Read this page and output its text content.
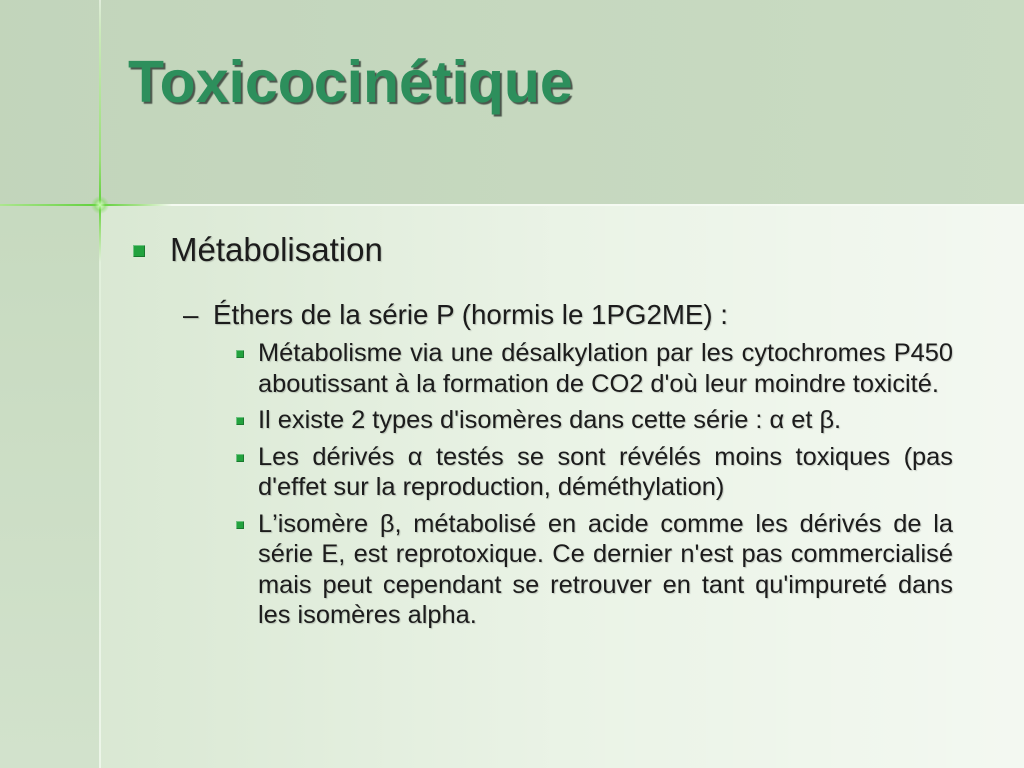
Toxicocinétique
Métabolisation
– Éthers de la série P (hormis le 1PG2ME) :
Métabolisme via une désalkylation par les cytochromes P450 aboutissant à la formation de CO2 d'où leur moindre toxicité.
Il existe 2 types d'isomères dans cette série : α et β.
Les dérivés α testés se sont révélés moins toxiques (pas d'effet sur la reproduction, déméthylation)
L’isomère β, métabolisé en acide comme les dérivés de la série E, est reprotoxique. Ce dernier n'est pas commercialisé mais peut cependant se retrouver en tant qu'impureté dans les isomères alpha.
